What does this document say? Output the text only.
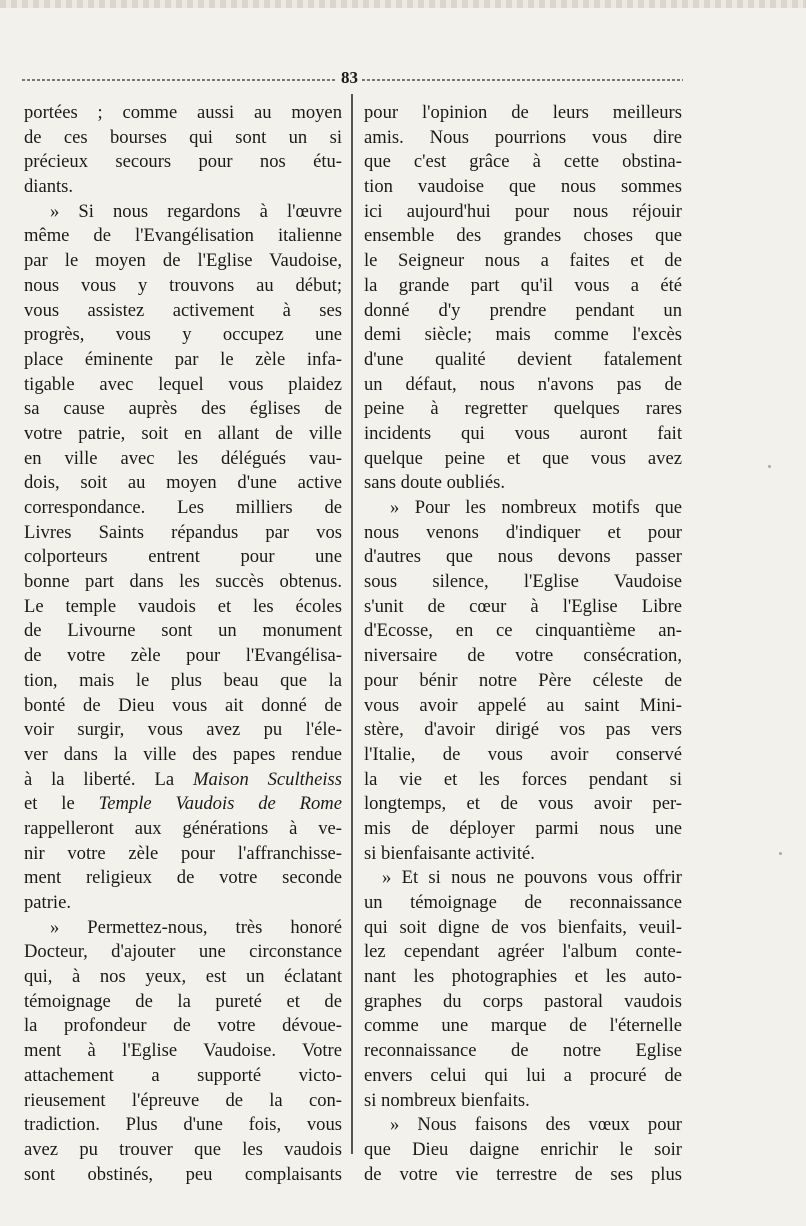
83
portées ; comme aussi au moyen
de ces bourses qui sont un si
précieux secours pour nos étu-
diants.
» Si nous regardons à l'œuvre
même de l'Evangélisation italienne
par le moyen de l'Eglise Vaudoise,
nous vous y trouvons au début;
vous assistez activement à ses
progrès, vous y occupez une
place éminente par le zèle infa-
tigable avec lequel vous plaidez
sa cause auprès des églises de
votre patrie, soit en allant de ville
en ville avec les délégués vau-
dois, soit au moyen d'une active
correspondance. Les milliers de
Livres Saints répandus par vos
colporteurs entrent pour une
bonne part dans les succès obtenus.
Le temple vaudois et les écoles
de Livourne sont un monument
de votre zèle pour l'Evangélisa-
tion, mais le plus beau que la
bonté de Dieu vous ait donné de
voir surgir, vous avez pu l'éle-
ver dans la ville des papes rendue
à la liberté. La Maison Scultheiss
et le Temple Vaudois de Rome
rappelleront aux générations à ve-
nir votre zèle pour l'affranchisse-
ment religieux de votre seconde
patrie.
» Permettez-nous, très honoré
Docteur, d'ajouter une circonstance
qui, à nos yeux, est un éclatant
témoignage de la pureté et de
la profondeur de votre dévoue-
ment à l'Eglise Vaudoise. Votre
attachement a supporté victo-
rieusement l'épreuve de la con-
tradiction. Plus d'une fois, vous
avez pu trouver que les vaudois
sont obstinés, peu complaisants
pour l'opinion de leurs meilleurs
amis. Nous pourrions vous dire
que c'est grâce à cette obstina-
tion vaudoise que nous sommes
ici aujourd'hui pour nous réjouir
ensemble des grandes choses que
le Seigneur nous a faites et de
la grande part qu'il vous a été
donné d'y prendre pendant un
demi siècle; mais comme l'excès
d'une qualité devient fatalement
un défaut, nous n'avons pas de
peine à regretter quelques rares
incidents qui vous auront fait
quelque peine et que vous avez
sans doute oubliés.
» Pour les nombreux motifs que
nous venons d'indiquer et pour
d'autres que nous devons passer
sous silence, l'Eglise Vaudoise
s'unit de cœur à l'Eglise Libre
d'Ecosse, en ce cinquantième an-
niversaire de votre consécration,
pour bénir notre Père céleste de
vous avoir appelé au saint Mini-
stère, d'avoir dirigé vos pas vers
l'Italie, de vous avoir conservé
la vie et les forces pendant si
longtemps, et de vous avoir per-
mis de déployer parmi nous une
si bienfaisante activité.
» Et si nous ne pouvons vous offrir
un témoignage de reconnaissance
qui soit digne de vos bienfaits, veuil-
lez cependant agréer l'album conte-
nant les photographies et les auto-
graphes du corps pastoral vaudois
comme une marque de l'éternelle
reconnaissance de notre Eglise
envers celui qui lui a procuré de
si nombreux bienfaits.
» Nous faisons des vœux pour
que Dieu daigne enrichir le soir
de votre vie terrestre de ses plus
